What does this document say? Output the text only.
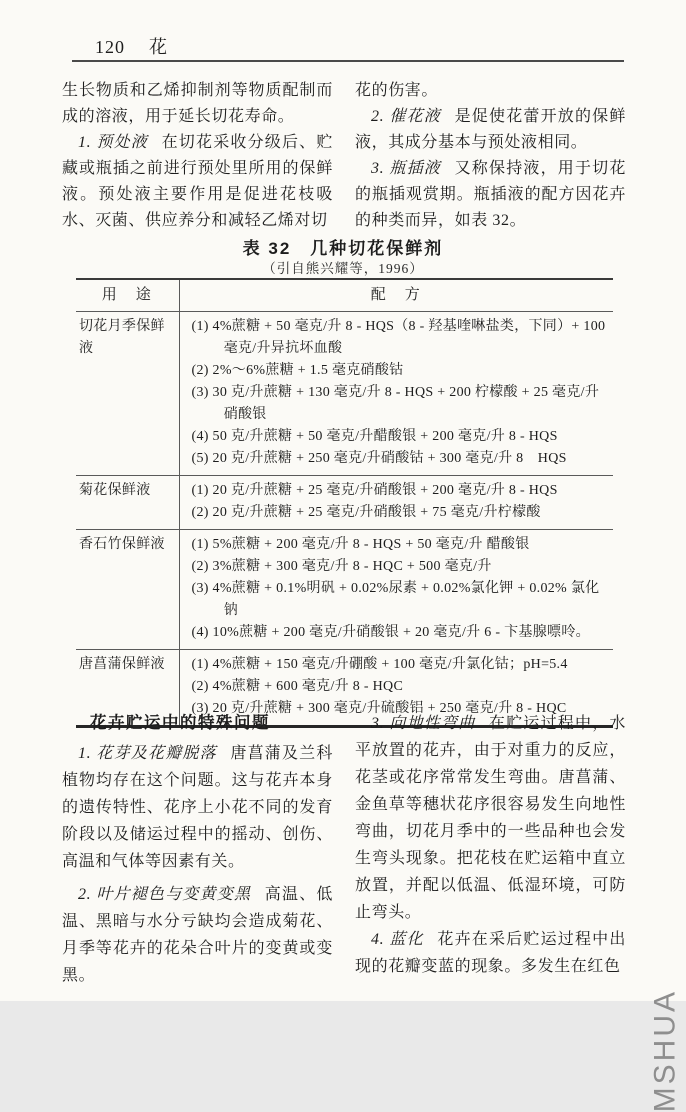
120 花

生长物质和乙烯抑制剂等物质配制而成的溶液，用于延长切花寿命。

1. 预处液 在切花采收分级后、贮藏或瓶插之前进行预处里所用的保鲜液。预处液主要作用是促进花枝吸水、灭菌、供应养分和减轻乙烯对切

花的伤害。

2. 催花液 是促使花蕾开放的保鲜液，其成分基本与预处液相同。

3. 瓶插液 又称保持液，用于切花的瓶插观赏期。瓶插液的配方因花卉的种类而异，如表 32。

表 32　几种切花保鲜剂
（引自熊兴耀等，1996）
用　途	配　方
切花月季保鲜液	(1) 4%蔗糖 + 50 毫克/升 8 - HQS（8 - 羟基喹啉盐类，下同）+ 100 毫克/升异抗坏血酸
(2) 2%～6%蔗糖 + 1.5 毫克硝酸钴
(3) 30 克/升蔗糖 + 130 毫克/升 8 - HQS + 200 柠檬酸 + 25 毫克/升硝酸银
(4) 50 克/升蔗糖 + 50 毫克/升醋酸银 + 200 毫克/升 8 - HQS
(5) 20 克/升蔗糖 + 250 毫克/升硝酸钴 + 300 毫克/升 8　HQS

菊花保鲜液	(1) 20 克/升蔗糖 + 25 毫克/升硝酸银 + 200 毫克/升 8 - HQS
(2) 20 克/升蔗糖 + 25 毫克/升硝酸银 + 75 毫克/升柠檬酸

香石竹保鲜液	(1) 5%蔗糖 + 200 毫克/升 8 - HQS + 50 毫克/升 醋酸银
(2) 3%蔗糖 + 300 毫克/升 8 - HQC + 500 毫克/升
(3) 4%蔗糖 + 0.1%明矾 + 0.02%尿素 + 0.02%氯化钾 + 0.02% 氯化钠
(4) 10%蔗糖 + 200 毫克/升硝酸银 + 20 毫克/升 6 - 卞基腺嘌呤。

唐菖蒲保鲜液	(1) 4%蔗糖 + 150 毫克/升硼酸 + 100 毫克/升氯化钴；pH=5.4
(2) 4%蔗糖 + 600 毫克/升 8 - HQC
(3) 20 克/升蔗糖 + 300 毫克/升硫酸铝 + 250 毫克/升 8 - HQC
花卉贮运中的特殊问题

1. 花芽及花瓣脱落 唐菖蒲及兰科植物均存在这个问题。这与花卉本身的遗传特性、花序上小花不同的发育阶段以及储运过程中的摇动、创伤、高温和气体等因素有关。

2. 叶片褪色与变黄变黑 高温、低温、黑暗与水分亏缺均会造成菊花、月季等花卉的花朵合叶片的变黄或变黑。

3. 向地性弯曲 在贮运过程中，水平放置的花卉，由于对重力的反应，花茎或花序常常发生弯曲。唐菖蒲、金鱼草等穗状花序很容易发生向地性弯曲，切花月季中的一些品种也会发生弯头现象。把花枝在贮运箱中直立放置，并配以低温、低湿环境，可防止弯头。

4. 蓝化 花卉在采后贮运过程中出现的花瓣变蓝的现象。多发生在红色

MSHUA
